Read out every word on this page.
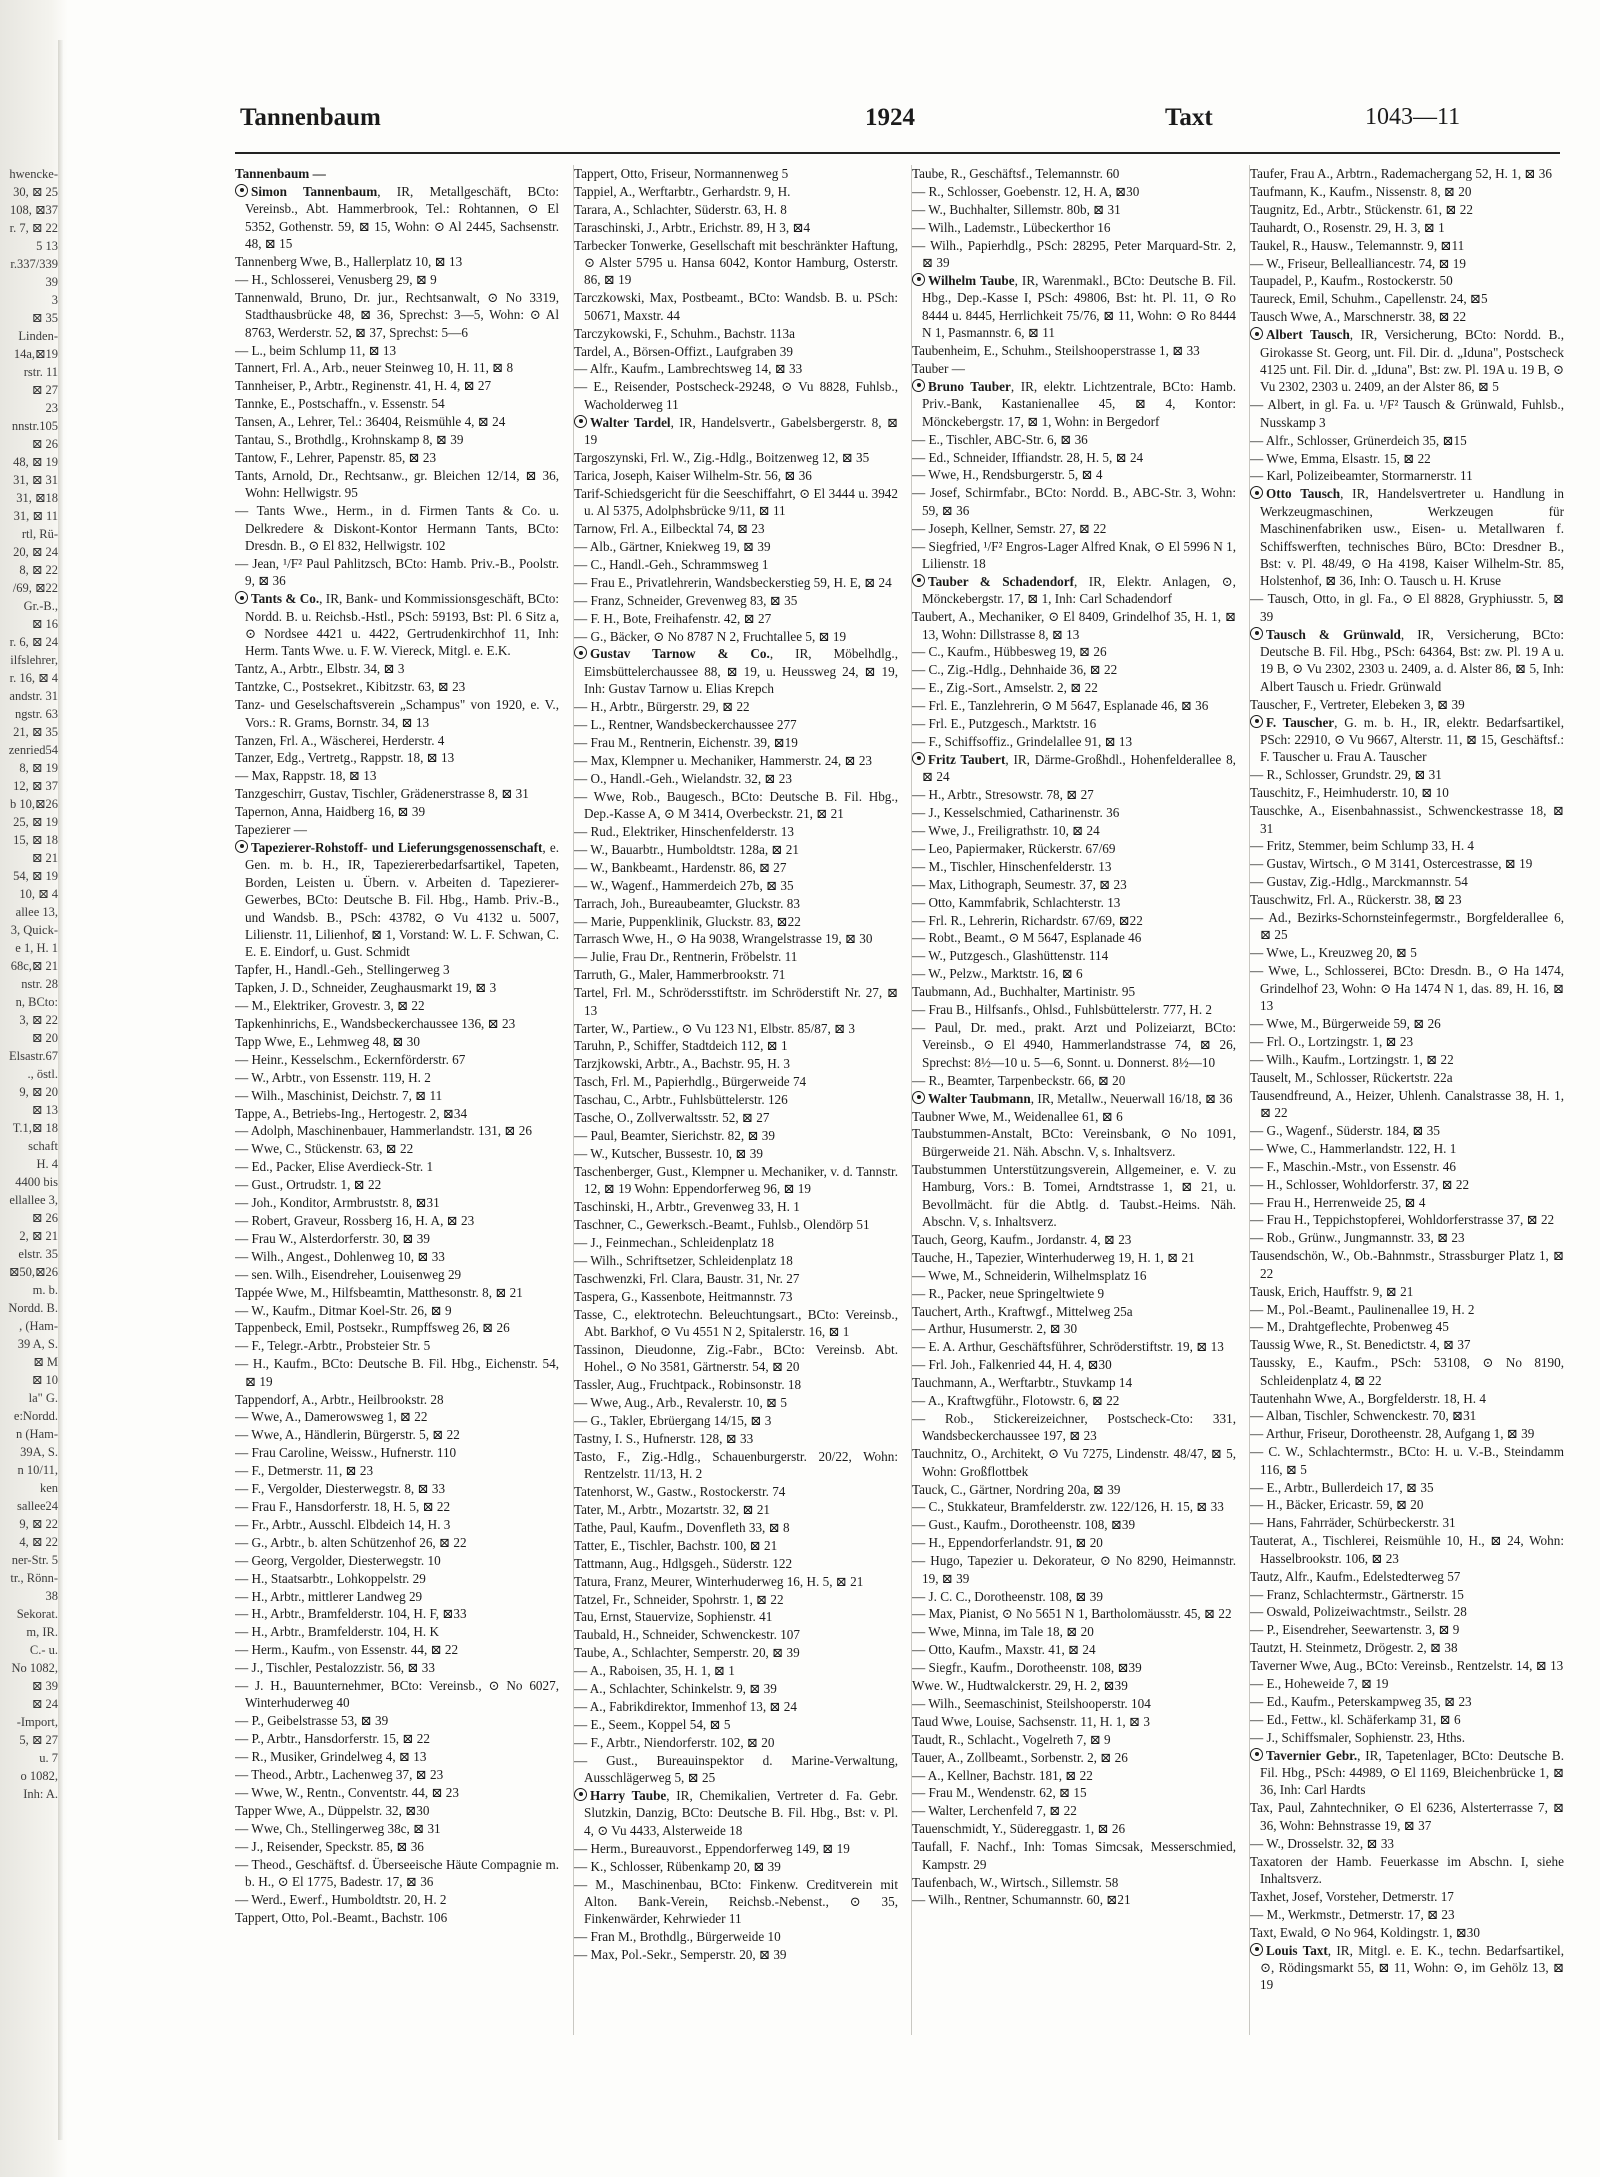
hwencke-
30, ⊠ 25
108, ⊠37
r. 7, ⊠ 22
5 13
r.337/339
39
3
⊠ 35
Linden-
14a,⊠19
rstr. 11
⊠ 27
23
nnstr.105
⊠ 26
48, ⊠ 19
31, ⊠ 31
31, ⊠18
31, ⊠ 11
rtl, Rü-
20, ⊠ 24
8, ⊠ 22
/69, ⊠22
Gr.-B.,
⊠ 16
r. 6, ⊠ 24
ilfslehrer,
r. 16, ⊠ 4
andstr. 31
ngstr. 63
21, ⊠ 35
zenried54
8, ⊠ 19
12, ⊠ 37
b 10,⊠26
25, ⊠ 19
15, ⊠ 18
⊠ 21
54, ⊠ 19
10, ⊠ 4
allee 13,
3, Quick-
e 1, H. 1
68c,⊠ 21
nstr. 28
n, BCto:
3, ⊠ 22
⊠ 20
Elsastr.67
., östl.
9, ⊠ 20
⊠ 13
T.1,⊠ 18
schaft
H. 4
4400 bis
ellallee 3,
⊠ 26
2, ⊠ 21
elstr. 35
⊠50,⊠26
m. b.
Nordd. B.
, (Ham-
39 A, S.
⊠ M
⊠ 10
la" G.
e:Nordd.
n (Ham-
39A, S.
n 10/11,
ken
sallee24
9, ⊠ 22
4, ⊠ 22
ner-Str. 5
tr., Rönn-
38
Sekorat.
m, IR.
C.- u.
No 1082,
⊠ 39
⊠ 24
-Import,
5, ⊠ 27
u. 7
o 1082,
Inh: A.
Tannenbaum	1924	Taxt	1043—11
Tannenbaum —
Simon Tannenbaum, IR, Metallgeschäft, BCto: Vereinsb., Abt. Hammerbrook, Tel.: Rohtannen, ⊙ El 5352, Gothenstr. 59, ⊠ 15, Wohn: ⊙ Al 2445, Sachsenstr. 48, ⊠ 15
Tannenberg Wwe, B., Hallerplatz 10, ⊠ 13
— H., Schlosserei, Venusberg 29, ⊠ 9
Tannenwald, Bruno, Dr. jur., Rechtsanwalt, ⊙ No 3319, Stadthausbrücke 48, ⊠ 36, Sprechst: 3—5, Wohn: ⊙ Al 8763, Werderstr. 52, ⊠ 37, Sprechst: 5—6
— L., beim Schlump 11, ⊠ 13
Tannert, Frl. A., Arb., neuer Steinweg 10, H. 11, ⊠ 8
Tannheiser, P., Arbtr., Reginenstr. 41, H. 4, ⊠ 27
Tannke, E., Postschaffn., v. Essenstr. 54
Tansen, A., Lehrer, Tel.: 36404, Reismühle 4, ⊠ 24
Tantau, S., Brothdlg., Krohnskamp 8, ⊠ 39
Tantow, F., Lehrer, Papenstr. 85, ⊠ 23
Tants, Arnold, Dr., Rechtsanw., gr. Bleichen 12/14, ⊠ 36, Wohn: Hellwigstr. 95
— Tants Wwe., Herm., in d. Firmen Tants & Co. u. Delkredere & Diskont-Kontor Hermann Tants, BCto: Dresdn. B., ⊙ El 832, Hellwigstr. 102
— Jean, ¹/F² Paul Pahlitzsch, BCto: Hamb. Priv.-B., Poolstr. 9, ⊠ 36
Tants & Co., IR, Bank- und Kommissionsgeschäft, BCto: Nordd. B. u. Reichsb.-Hstl., PSch: 59193, Bst: Pl. 6 Sitz a, ⊙ Nordsee 4421 u. 4422, Gertrudenkirchhof 11, Inh: Herm. Tants Wwe. u. F. W. Viereck, Mitgl. e. E.K.
Tantz, A., Arbtr., Elbstr. 34, ⊠ 3
Tantzke, C., Postsekret., Kibitzstr. 63, ⊠ 23
Tanz- und Geselschaftsverein „Schampus" von 1920, e. V., Vors.: R. Grams, Bornstr. 34, ⊠ 13
Tanzen, Frl. A., Wäscherei, Herderstr. 4
Tanzer, Edg., Vertretg., Rappstr. 18, ⊠ 13
— Max, Rappstr. 18, ⊠ 13
Tanzgeschirr, Gustav, Tischler, Grädenerstrasse 8, ⊠ 31
Tapernon, Anna, Haidberg 16, ⊠ 39
Tapezierer —
Tapezierer-Rohstoff- und Lieferungsgenossenschaft, e. Gen. m. b. H., IR, Tapeziererbedarfsartikel, Tapeten, Borden, Leisten u. Übern. v. Arbeiten d. Tapezierer-Gewerbes, BCto: Deutsche B. Fil. Hbg., Hamb. Priv.-B., und Wandsb. B., PSch: 43782, ⊙ Vu 4132 u. 5007, Lilienstr. 11, Lilienhof, ⊠ 1, Vorstand: W. L. F. Schwan, C. E. E. Eindorf, u. Gust. Schmidt
Tapfer, H., Handl.-Geh., Stellingerweg 3
Tapken, J. D., Schneider, Zeughausmarkt 19, ⊠ 3
— M., Elektriker, Grovestr. 3, ⊠ 22
Tapkenhinrichs, E., Wandsbeckerchaussee 136, ⊠ 23
Tapp Wwe, E., Lehmweg 48, ⊠ 30
— Heinr., Kesselschm., Eckernförderstr. 67
— W., Arbtr., von Essenstr. 119, H. 2
— Wilh., Maschinist, Deichstr. 7, ⊠ 11
Tappe, A., Betriebs-Ing., Hertogestr. 2, ⊠34
— Adolph, Maschinenbauer, Hammerlandstr. 131, ⊠ 26
— Wwe, C., Stückenstr. 63, ⊠ 22
— Ed., Packer, Elise Averdieck-Str. 1
— Gust., Ortrudstr. 1, ⊠ 22
— Joh., Konditor, Armbruststr. 8, ⊠31
— Robert, Graveur, Rossberg 16, H. A, ⊠ 23
— Frau W., Alsterdorferstr. 30, ⊠ 39
— Wilh., Angest., Dohlenweg 10, ⊠ 33
— sen. Wilh., Eisendreher, Louisenweg 29
Tappée Wwe, M., Hilfsbeamtin, Matthesonstr. 8, ⊠ 21
— W., Kaufm., Ditmar Koel-Str. 26, ⊠ 9
Tappenbeck, Emil, Postsekr., Rumpffsweg 26, ⊠ 26
— F., Telegr.-Arbtr., Probsteier Str. 5
— H., Kaufm., BCto: Deutsche B. Fil. Hbg., Eichenstr. 54, ⊠ 19
Tappendorf, A., Arbtr., Heilbrookstr. 28
— Wwe, A., Damerowsweg 1, ⊠ 22
— Wwe, A., Händlerin, Bürgerstr. 5, ⊠ 22
— Frau Caroline, Weissw., Hufnerstr. 110
— F., Detmerstr. 11, ⊠ 23
— F., Vergolder, Diesterwegstr. 8, ⊠ 33
— Frau F., Hansdorferstr. 18, H. 5, ⊠ 22
— Fr., Arbtr., Ausschl. Elbdeich 14, H. 3
— G., Arbtr., b. alten Schützenhof 26, ⊠ 22
— Georg, Vergolder, Diesterwegstr. 10
— H., Staatsarbtr., Lohkoppelstr. 29
— H., Arbtr., mittlerer Landweg 29
— H., Arbtr., Bramfelderstr. 104, H. F, ⊠33
— H., Arbtr., Bramfelderstr. 104, H. K
— Herm., Kaufm., von Essenstr. 44, ⊠ 22
— J., Tischler, Pestalozzistr. 56, ⊠ 33
— J. H., Bauunternehmer, BCto: Vereinsb., ⊙ No 6027, Winterhuderweg 40
— P., Geibelstrasse 53, ⊠ 39
— P., Arbtr., Hansdorferstr. 15, ⊠ 22
— R., Musiker, Grindelweg 4, ⊠ 13
— Theod., Arbtr., Lachenweg 37, ⊠ 23
— Wwe, W., Rentn., Conventstr. 44, ⊠ 23
Tapper Wwe, A., Düppelstr. 32, ⊠30
— Wwe, Ch., Stellingerweg 38c, ⊠ 31
— J., Reisender, Speckstr. 85, ⊠ 36
— Theod., Geschäftsf. d. Überseeische Häute Compagnie m. b. H., ⊙ El 1775, Badestr. 17, ⊠ 36
— Werd., Ewerf., Humboldtstr. 20, H. 2
Tappert, Otto, Pol.-Beamt., Bachstr. 106
Tappert, Otto, Friseur, Normannenweg 5
Tappiel, A., Werftarbtr., Gerhardstr. 9, H.
Tarara, A., Schlachter, Süderstr. 63, H. 8
Taraschinski, J., Arbtr., Erichstr. 89, H 3, ⊠4
Tarbecker Tonwerke, Gesellschaft mit beschränkter Haftung, ⊙ Alster 5795 u. Hansa 6042, Kontor Hamburg, Osterstr. 86, ⊠ 19
Tarczkowski, Max, Postbeamt., BCto: Wandsb. B. u. PSch: 50671, Maxstr. 44
Tarczykowski, F., Schuhm., Bachstr. 113a
Tardel, A., Börsen-Offizt., Laufgraben 39
— Alfr., Kaufm., Lambrechtsweg 14, ⊠ 33
— E., Reisender, Postscheck-29248, ⊙ Vu 8828, Fuhlsb., Wacholderweg 11
Walter Tardel, IR, Handelsvertr., Gabelsbergerstr. 8, ⊠ 19
Targoszynski, Frl. W., Zig.-Hdlg., Boitzenweg 12, ⊠ 35
Tarica, Joseph, Kaiser Wilhelm-Str. 56, ⊠ 36
Tarif-Schiedsgericht für die Seeschiffahrt, ⊙ El 3444 u. 3942 u. Al 5375, Adolphsbrücke 9/11, ⊠ 11
Tarnow, Frl. A., Eilbecktal 74, ⊠ 23
— Alb., Gärtner, Kniekweg 19, ⊠ 39
— C., Handl.-Geh., Schrammsweg 1
— Frau E., Privatlehrerin, Wandsbeckerstieg 59, H. E, ⊠ 24
— Franz, Schneider, Grevenweg 83, ⊠ 35
— F. H., Bote, Freihafenstr. 42, ⊠ 27
— G., Bäcker, ⊙ No 8787 N 2, Fruchtallee 5, ⊠ 19
Gustav Tarnow & Co., IR, Möbelhdlg., Eimsbüttelerchaussee 88, ⊠ 19, u. Heussweg 24, ⊠ 19, Inh: Gustav Tarnow u. Elias Krepch
— H., Arbtr., Bürgerstr. 29, ⊠ 22
— L., Rentner, Wandsbeckerchaussee 277
— Frau M., Rentnerin, Eichenstr. 39, ⊠19
— Max, Klempner u. Mechaniker, Hammerstr. 24, ⊠ 23
— O., Handl.-Geh., Wielandstr. 32, ⊠ 23
— Wwe, Rob., Baugesch., BCto: Deutsche B. Fil. Hbg., Dep.-Kasse A, ⊙ M 3414, Overbeckstr. 21, ⊠ 21
— Rud., Elektriker, Hinschenfelderstr. 13
— W., Bauarbtr., Humboldtstr. 128a, ⊠ 21
— W., Bankbeamt., Hardenstr. 86, ⊠ 27
— W., Wagenf., Hammerdeich 27b, ⊠ 35
Tarrach, Joh., Bureaubeamter, Gluckstr. 83
— Marie, Puppenklinik, Gluckstr. 83, ⊠22
Tarrasch Wwe, H., ⊙ Ha 9038, Wrangelstrasse 19, ⊠ 30
— Julie, Frau Dr., Rentnerin, Fröbelstr. 11
Tarruth, G., Maler, Hammerbrookstr. 71
Tartel, Frl. M., Schrödersstiftstr. im Schröderstift Nr. 27, ⊠ 13
Tarter, W., Partiew., ⊙ Vu 123 N1, Elbstr. 85/87, ⊠ 3
Taruhn, P., Schiffer, Stadtdeich 112, ⊠ 1
Tarzjkowski, Arbtr., A., Bachstr. 95, H. 3
Tasch, Frl. M., Papierhdlg., Bürgerweide 74
Taschau, C., Arbtr., Fuhlsbüttelerstr. 126
Tasche, O., Zollverwaltsstr. 52, ⊠ 27
— Paul, Beamter, Sierichstr. 82, ⊠ 39
— W., Kutscher, Bussestr. 10, ⊠ 39
Taschenberger, Gust., Klempner u. Mechaniker, v. d. Tannstr. 12, ⊠ 19 Wohn: Eppendorferweg 96, ⊠ 19
Taschinski, H., Arbtr., Grevenweg 33, H. 1
Taschner, C., Gewerksch.-Beamt., Fuhlsb., Olendörp 51
— J., Feinmechan., Schleidenplatz 18
— Wilh., Schriftsetzer, Schleidenplatz 18
Taschwenzki, Frl. Clara, Baustr. 31, Nr. 27
Taspera, G., Kassenbote, Heitmannstr. 73
Tasse, C., elektrotechn. Beleuchtungsart., BCto: Vereinsb., Abt. Barkhof, ⊙ Vu 4551 N 2, Spitalerstr. 16, ⊠ 1
Tassinon, Dieudonne, Zig.-Fabr., BCto: Vereinsb. Abt. Hohel., ⊙ No 3581, Gärtnerstr. 54, ⊠ 20
Tassler, Aug., Fruchtpack., Robinsonstr. 18
— Wwe, Aug., Arb., Revalerstr. 10, ⊠ 5
— G., Takler, Ebrüergang 14/15, ⊠ 3
Tastny, I. S., Hufnerstr. 128, ⊠ 33
Tasto, F., Zig.-Hdlg., Schauenburgerstr. 20/22, Wohn: Rentzelstr. 11/13, H. 2
Tatenhorst, W., Gastw., Rostockerstr. 74
Tater, M., Arbtr., Mozartstr. 32, ⊠ 21
Tathe, Paul, Kaufm., Dovenfleth 33, ⊠ 8
Tatter, E., Tischler, Bachstr. 100, ⊠ 21
Tattmann, Aug., Hdlgsgeh., Süderstr. 122
Tatura, Franz, Meurer, Winterhuderweg 16, H. 5, ⊠ 21
Tatzel, Fr., Schneider, Spohrstr. 1, ⊠ 22
Tau, Ernst, Stauervize, Sophienstr. 41
Taubald, H., Schneider, Schwenckestr. 107
Taube, A., Schlachter, Semperstr. 20, ⊠ 39
— A., Raboisen, 35, H. 1, ⊠ 1
— A., Schlachter, Schinkelstr. 9, ⊠ 39
— A., Fabrikdirektor, Immenhof 13, ⊠ 24
— E., Seem., Koppel 54, ⊠ 5
— F., Arbtr., Niendorferstr. 102, ⊠ 20
— Gust., Bureauinspektor d. Marine-Verwaltung, Ausschlägerweg 5, ⊠ 25
Harry Taube, IR, Chemikalien, Vertreter d. Fa. Gebr. Slutzkin, Danzig, BCto: Deutsche B. Fil. Hbg., Bst: v. Pl. 4, ⊙ Vu 4433, Alsterweide 18
— Herm., Bureauvorst., Eppendorferweg 149, ⊠ 19
— K., Schlosser, Rübenkamp 20, ⊠ 39
— M., Maschinenbau, BCto: Finkenw. Creditverein mit Alton. Bank-Verein, Reichsb.-Nebenst., ⊙ 35, Finkenwärder, Kehrwieder 11
— Fran M., Brothdlg., Bürgerweide 10
— Max, Pol.-Sekr., Semperstr. 20, ⊠ 39
Taube, R., Geschäftsf., Telemannstr. 60
— R., Schlosser, Goebenstr. 12, H. A, ⊠30
— W., Buchhalter, Sillemstr. 80b, ⊠ 31
— Wilh., Lademstr., Lübeckerthor 16
— Wilh., Papierhdlg., PSch: 28295, Peter Marquard-Str. 2, ⊠ 39
Wilhelm Taube, IR, Warenmakl., BCto: Deutsche B. Fil. Hbg., Dep.-Kasse I, PSch: 49806, Bst: ht. Pl. 11, ⊙ Ro 8444 u. 8445, Herrlichkeit 75/76, ⊠ 11, Wohn: ⊙ Ro 8444 N 1, Pasmannstr. 6, ⊠ 11
Taubenheim, E., Schuhm., Steilshooperstrasse 1, ⊠ 33
Tauber —
Bruno Tauber, IR, elektr. Lichtzentrale, BCto: Hamb. Priv.-Bank, Kastanienallee 45, ⊠ 4, Kontor: Mönckebergstr. 17, ⊠ 1, Wohn: in Bergedorf
— E., Tischler, ABC-Str. 6, ⊠ 36
— Ed., Schneider, Iffiandstr. 28, H. 5, ⊠ 24
— Wwe, H., Rendsburgerstr. 5, ⊠ 4
— Josef, Schirmfabr., BCto: Nordd. B., ABC-Str. 3, Wohn: 59, ⊠ 36
— Joseph, Kellner, Semstr. 27, ⊠ 22
— Siegfried, ¹/F² Engros-Lager Alfred Knak, ⊙ El 5996 N 1, Lilienstr. 18
Tauber & Schadendorf, IR, Elektr. Anlagen, ⊙, Mönckebergstr. 17, ⊠ 1, Inh: Carl Schadendorf
Taubert, A., Mechaniker, ⊙ El 8409, Grindelhof 35, H. 1, ⊠ 13, Wohn: Dillstrasse 8, ⊠ 13
— C., Kaufm., Hübbesweg 19, ⊠ 26
— C., Zig.-Hdlg., Dehnhaide 36, ⊠ 22
— E., Zig.-Sort., Amselstr. 2, ⊠ 22
— Frl. E., Tanzlehrerin, ⊙ M 5647, Esplanade 46, ⊠ 36
— Frl. E., Putzgesch., Marktstr. 16
— F., Schiffsoffiz., Grindelallee 91, ⊠ 13
Fritz Taubert, IR, Därme-Großhdl., Hohenfelderallee 8, ⊠ 24
— H., Arbtr., Stresowstr. 78, ⊠ 27
— J., Kesselschmied, Catharinenstr. 36
— Wwe, J., Freiligrathstr. 10, ⊠ 24
— Leo, Papiermaker, Rückerstr. 67/69
— M., Tischler, Hinschenfelderstr. 13
— Max, Lithograph, Seumestr. 37, ⊠ 23
— Otto, Kammfabrik, Schlachterstr. 13
— Frl. R., Lehrerin, Richardstr. 67/69, ⊠22
— Robt., Beamt., ⊙ M 5647, Esplanade 46
— W., Putzgesch., Glashüttenstr. 114
— W., Pelzw., Marktstr. 16, ⊠ 6
Taubmann, Ad., Buchhalter, Martinistr. 95
— Frau B., Hilfsanfs., Ohlsd., Fuhlsbüttelerstr. 777, H. 2
— Paul, Dr. med., prakt. Arzt und Polizeiarzt, BCto: Vereinsb., ⊙ El 4940, Hammerlandstrasse 74, ⊠ 26, Sprechst: 8½—10 u. 5—6, Sonnt. u. Donnerst. 8½—10
— R., Beamter, Tarpenbeckstr. 66, ⊠ 20
Walter Taubmann, IR, Metallw., Neuerwall 16/18, ⊠ 36
Taubner Wwe, M., Weidenallee 61, ⊠ 6
Taubstummen-Anstalt, BCto: Vereinsbank, ⊙ No 1091, Bürgerweide 21. Näh. Abschn. V, s. Inhaltsverz.
Taubstummen Unterstützungsverein, Allgemeiner, e. V. zu Hamburg, Vors.: B. Tomei, Arndtstrasse 1, ⊠ 21, u. Bevollmächt. für die Abtlg. d. Taubst.-Heims. Näh. Abschn. V, s. Inhaltsverz.
Tauch, Georg, Kaufm., Jordanstr. 4, ⊠ 23
Tauche, H., Tapezier, Winterhuderweg 19, H. 1, ⊠ 21
— Wwe, M., Schneiderin, Wilhelmsplatz 16
— R., Packer, neue Springeltwiete 9
Tauchert, Arth., Kraftwgf., Mittelweg 25a
— Arthur, Husumerstr. 2, ⊠ 30
— E. A. Arthur, Geschäftsführer, Schröderstiftstr. 19, ⊠ 13
— Frl. Joh., Falkenried 44, H. 4, ⊠30
Tauchmann, A., Werftarbtr., Stuvkamp 14
— A., Kraftwgführ., Flotowstr. 6, ⊠ 22
— Rob., Stickereizeichner, Postscheck-Cto: 331, Wandsbeckerchaussee 197, ⊠ 23
Tauchnitz, O., Architekt, ⊙ Vu 7275, Lindenstr. 48/47, ⊠ 5, Wohn: Großflottbek
Tauck, C., Gärtner, Nordring 20a, ⊠ 39
— C., Stukkateur, Bramfelderstr. zw. 122/126, H. 15, ⊠ 33
— Gust., Kaufm., Dorotheenstr. 108, ⊠39
— H., Eppendorferlandstr. 91, ⊠ 20
— Hugo, Tapezier u. Dekorateur, ⊙ No 8290, Heimannstr. 19, ⊠ 39
— J. C. C., Dorotheenstr. 108, ⊠ 39
— Max, Pianist, ⊙ No 5651 N 1, Bartholomäusstr. 45, ⊠ 22
— Wwe, Minna, im Tale 18, ⊠ 20
— Otto, Kaufm., Maxstr. 41, ⊠ 24
— Siegfr., Kaufm., Dorotheenstr. 108, ⊠39
Wwe. W., Hudtwalckerstr. 29, H. 2, ⊠39
— Wilh., Seemaschinist, Steilshooperstr. 104
Taud Wwe, Louise, Sachsenstr. 11, H. 1, ⊠ 3
Taudt, R., Schlacht., Vogelreth 7, ⊠ 9
Tauer, A., Zollbeamt., Sorbenstr. 2, ⊠ 26
— A., Kellner, Bachstr. 181, ⊠ 22
— Frau M., Wendenstr. 62, ⊠ 15
— Walter, Lerchenfeld 7, ⊠ 22
Tauenschmidt, Y., Südereggastr. 1, ⊠ 26
Taufall, F. Nachf., Inh: Tomas Simcsak, Messerschmied, Kampstr. 29
Taufenbach, W., Wirtsch., Sillemstr. 58
— Wilh., Rentner, Schumannstr. 60, ⊠21
Taufer, Frau A., Arbtrn., Rademachergang 52, H. 1, ⊠ 36
Taufmann, K., Kaufm., Nissenstr. 8, ⊠ 20
Taugnitz, Ed., Arbtr., Stückenstr. 61, ⊠ 22
Tauhardt, O., Rosenstr. 29, H. 3, ⊠ 1
Taukel, R., Hausw., Telemannstr. 9, ⊠11
— W., Friseur, Bellealliancestr. 74, ⊠ 19
Taupadel, P., Kaufm., Rostockerstr. 50
Taureck, Emil, Schuhm., Capellenstr. 24, ⊠5
Tausch Wwe, A., Marschnerstr. 38, ⊠ 22
Albert Tausch, IR, Versicherung, BCto: Nordd. B., Girokasse St. Georg, unt. Fil. Dir. d. „Iduna", Postscheck 4125 unt. Fil. Dir. d. „Iduna", Bst: zw. Pl. 19A u. 19 B, ⊙ Vu 2302, 2303 u. 2409, an der Alster 86, ⊠ 5
— Albert, in gl. Fa. u. ¹/F² Tausch & Grünwald, Fuhlsb., Nusskamp 3
— Alfr., Schlosser, Grünerdeich 35, ⊠15
— Wwe, Emma, Elsastr. 15, ⊠ 22
— Karl, Polizeibeamter, Stormarnerstr. 11
Otto Tausch, IR, Handelsvertreter u. Handlung in Werkzeugmaschinen, Werkzeugen für Maschinenfabriken usw., Eisen- u. Metallwaren f. Schiffswerften, technisches Büro, BCto: Dresdner B., Bst: v. Pl. 48/49, ⊙ Ha 4198, Kaiser Wilhelm-Str. 85, Holstenhof, ⊠ 36, Inh: O. Tausch u. H. Kruse
— Tausch, Otto, in gl. Fa., ⊙ El 8828, Gryphiusstr. 5, ⊠ 39
Tausch & Grünwald, IR, Versicherung, BCto: Deutsche B. Fil. Hbg., PSch: 64364, Bst: zw. Pl. 19 A u. 19 B, ⊙ Vu 2302, 2303 u. 2409, a. d. Alster 86, ⊠ 5, Inh: Albert Tausch u. Friedr. Grünwald
Tauscher, F., Vertreter, Elebeken 3, ⊠ 39
F. Tauscher, G. m. b. H., IR, elektr. Bedarfsartikel, PSch: 22910, ⊙ Vu 9667, Alterstr. 11, ⊠ 15, Geschäftsf.: F. Tauscher u. Frau A. Tauscher
— R., Schlosser, Grundstr. 29, ⊠ 31
Tauschitz, F., Heimhuderstr. 10, ⊠ 10
Tauschke, A., Eisenbahnassist., Schwenckestrasse 18, ⊠ 31
— Fritz, Stemmer, beim Schlump 33, H. 4
— Gustav, Wirtsch., ⊙ M 3141, Ostercestrasse, ⊠ 19
— Gustav, Zig.-Hdlg., Marckmannstr. 54
Tauschwitz, Frl. A., Rückerstr. 38, ⊠ 23
— Ad., Bezirks-Schornsteinfegermstr., Borgfelderallee 6, ⊠ 25
— Wwe, L., Kreuzweg 20, ⊠ 5
— Wwe, L., Schlosserei, BCto: Dresdn. B., ⊙ Ha 1474, Grindelhof 23, Wohn: ⊙ Ha 1474 N 1, das. 89, H. 16, ⊠ 13
— Wwe, M., Bürgerweide 59, ⊠ 26
— Frl. O., Lortzingstr. 1, ⊠ 23
— Wilh., Kaufm., Lortzingstr. 1, ⊠ 22
Tauselt, M., Schlosser, Rückertstr. 22a
Tausendfreund, A., Heizer, Uhlenh. Canalstrasse 38, H. 1, ⊠ 22
— G., Wagenf., Süderstr. 184, ⊠ 35
— Wwe, C., Hammerlandstr. 122, H. 1
— F., Maschin.-Mstr., von Essenstr. 46
— H., Schlosser, Wohldorferstr. 37, ⊠ 22
— Frau H., Herrenweide 25, ⊠ 4
— Frau H., Teppichstopferei, Wohldorferstrasse 37, ⊠ 22
— Rob., Grünw., Jungmannstr. 33, ⊠ 23
Tausendschön, W., Ob.-Bahnmstr., Strassburger Platz 1, ⊠ 22
Tausk, Erich, Hauffstr. 9, ⊠ 21
— M., Pol.-Beamt., Paulinenallee 19, H. 2
— M., Drahtgeflechte, Probenweg 45
Taussig Wwe, R., St. Benedictstr. 4, ⊠ 37
Taussky, E., Kaufm., PSch: 53108, ⊙ No 8190, Schleidenplatz 4, ⊠ 22
Tautenhahn Wwe, A., Borgfelderstr. 18, H. 4
— Alban, Tischler, Schwenckestr. 70, ⊠31
— Arthur, Friseur, Dorotheenstr. 28, Aufgang 1, ⊠ 39
— C. W., Schlachtermstr., BCto: H. u. V.-B., Steindamm 116, ⊠ 5
— E., Arbtr., Bullerdeich 17, ⊠ 35
— H., Bäcker, Ericastr. 59, ⊠ 20
— Hans, Fahrräder, Schürbeckerstr. 31
Tauterat, A., Tischlerei, Reismühle 10, H., ⊠ 24, Wohn: Hasselbrookstr. 106, ⊠ 23
Tautz, Alfr., Kaufm., Edelstedterweg 57
— Franz, Schlachtermstr., Gärtnerstr. 15
— Oswald, Polizeiwachtmstr., Seilstr. 28
— P., Eisendreher, Seewartenstr. 3, ⊠ 9
Tautzt, H. Steinmetz, Drögestr. 2, ⊠ 38
Taverner Wwe, Aug., BCto: Vereinsb., Rentzelstr. 14, ⊠ 13
— E., Hoheweide 7, ⊠ 19
— Ed., Kaufm., Peterskampweg 35, ⊠ 23
— Ed., Fettw., kl. Schäferkamp 31, ⊠ 6
— J., Schiffsmaler, Sophienstr. 23, Hths.
Tavernier Gebr., IR, Tapetenlager, BCto: Deutsche B. Fil. Hbg., PSch: 44989, ⊙ El 1169, Bleichenbrücke 1, ⊠ 36, Inh: Carl Hardts
Tax, Paul, Zahntechniker, ⊙ El 6236, Alsterterrasse 7, ⊠ 36, Wohn: Behnstrasse 19, ⊠ 37
— W., Drosselstr. 32, ⊠ 33
Taxatoren der Hamb. Feuerkasse im Abschn. I, siehe Inhaltsverz.
Taxhet, Josef, Vorsteher, Detmerstr. 17
— M., Werkmstr., Detmerstr. 17, ⊠ 23
Taxt, Ewald, ⊙ No 964, Koldingstr. 1, ⊠30
Louis Taxt, IR, Mitgl. e. E. K., techn. Bedarfsartikel, ⊙, Rödingsmarkt 55, ⊠ 11, Wohn: ⊙, im Gehölz 13, ⊠ 19
